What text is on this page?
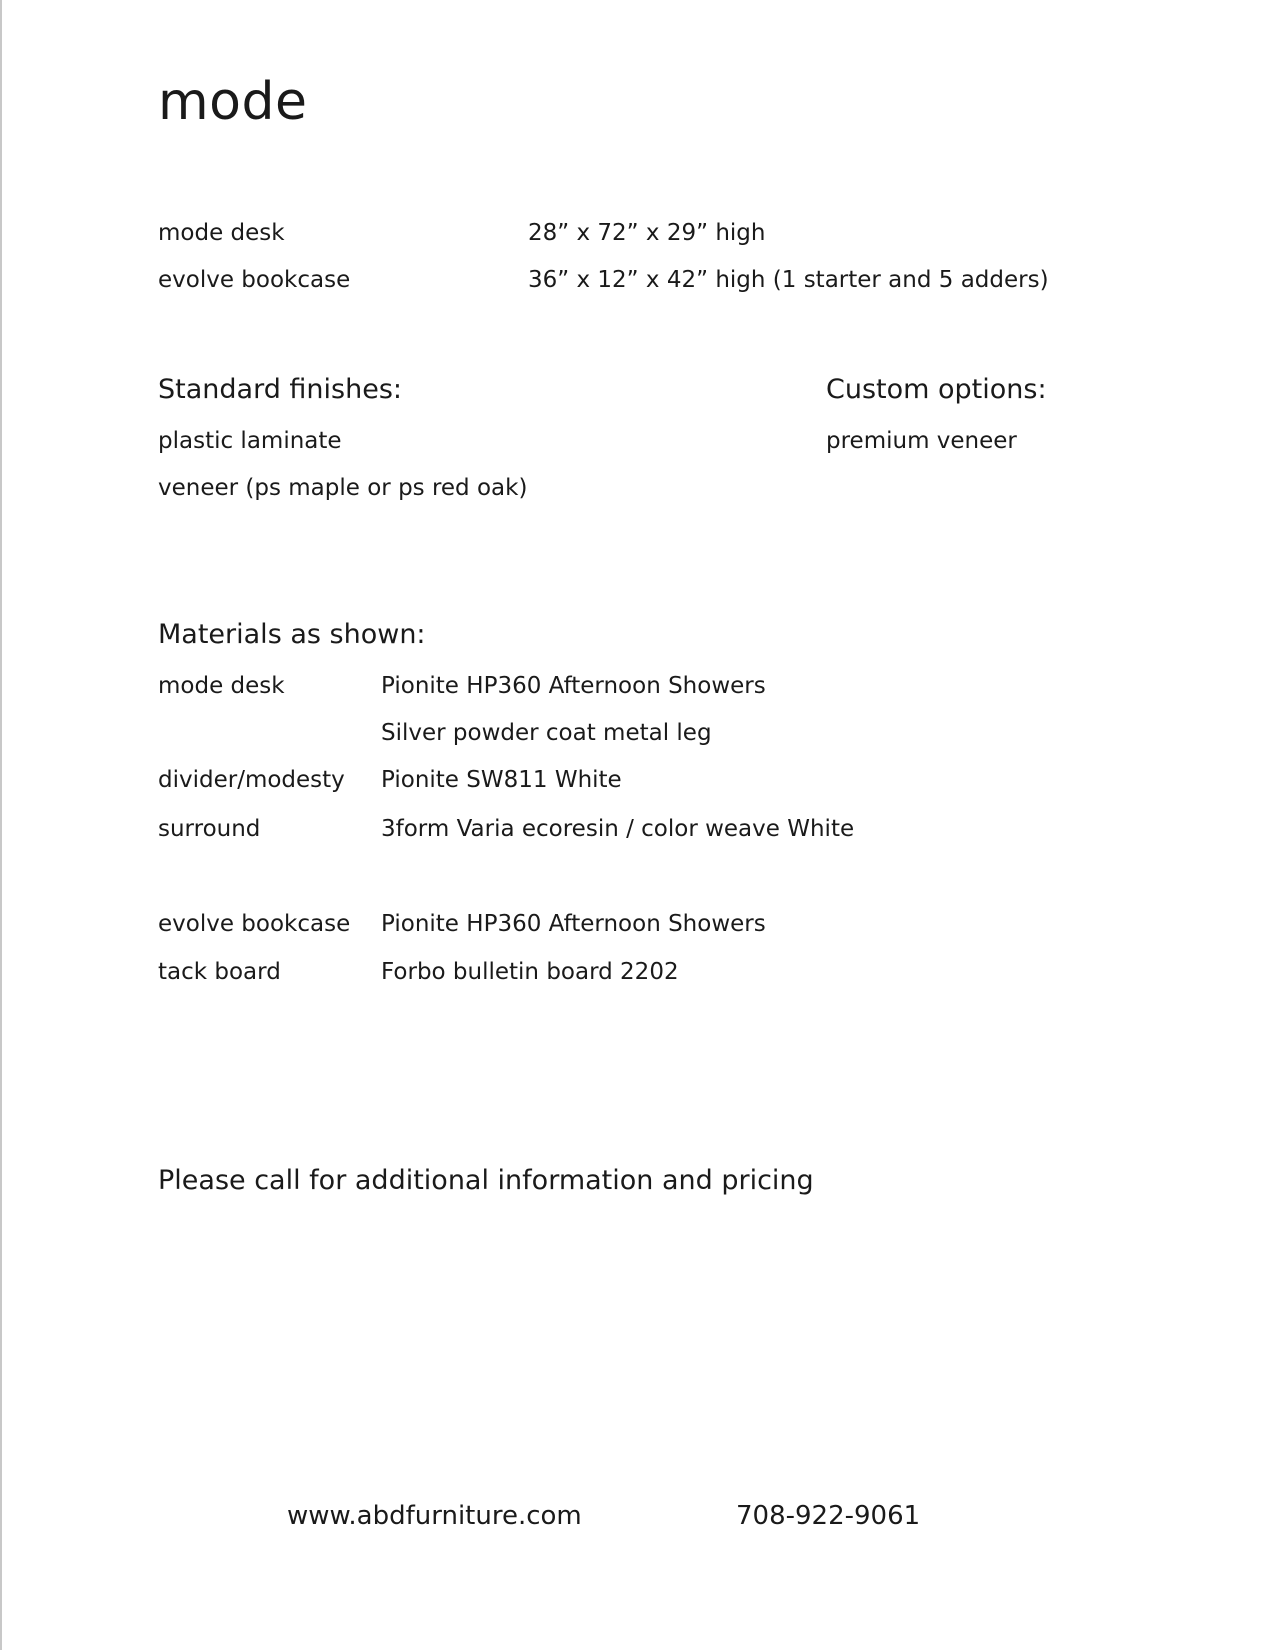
mode
mode desk	28” x 72” x 29” high
evolve bookcase	36” x 12” x 42” high (1 starter and 5 adders)
Standard finishes:
plastic laminate
veneer (ps maple or ps red oak)
Custom options:
premium veneer
Materials as shown:
mode desk	Pionite HP360 Afternoon Showers
Silver powder coat metal leg
divider/modesty Pionite SW811 White
surround	3form Varia ecoresin / color weave White
evolve bookcase Pionite HP360 Afternoon Showers
tack board	Forbo bulletin board 2202
Please call for additional information and pricing
www.abdfurniture.com	708-922-9061
